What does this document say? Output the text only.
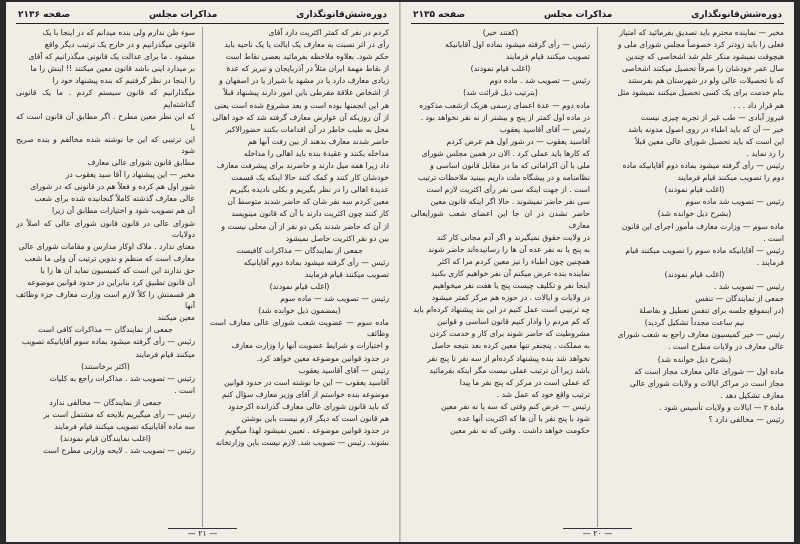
دوره‌شش‌قانونگذاری
مذاکرات مجلس
صفحه ۲۱۳۶

کردم در نفر که کمتر اکثریت دارد آقای

رأی در اثر نسبت به معارف یک ایالت یا یک ناحیه باید

حکم شود. بعلاوه ملاحظه بفرمائید بعضی نقاط است

از نقاط مهمهٔ ایران مثلاً در آذربایجان و تبریز که عدهٔ

زیادی معارف دارد یا در مشهد یا شیراز یا در اصفهان و

از اشخاص علاقهٔ مفرطی باین امور دارند پیشنهاد قبلاً

هر این انجمنها بوده است و بعد مشروع شده است یعنی

از آن روزیکه آن عوارض معارف گرفته شد که خود اهالی

محل به طیب خاطر در آن اقدامات بکنند حضورالاکبر

حاضر شدند معارف بدهند از بین رفت آنها هم

مداخله بکنند و عقیدهٔ بنده باید اهالی را مداخله

داد زیرا همه میل دارند و حاضرند برای پیشرفت معارف

خودشان کار کنند و کمک کنند حالا اینکه یک قسمت

عدیدهٔ اهالی را در نظر بگیریم و بکلی نادیده بگیریم

معین کردم سه نفر شان که حاضر شدند متوسط آن

کار کنند چون اکثریت دارند با آن که قانون مینویسد

از آن که حاضر شدند یکی دو نفر از آن محلی نیست و

بین دو نفر اکثریت حاصل نمیشود

جمعی از نمایندگان — مذاکرات کافیست

رئیس — رأی گرفته میشود بمادهٔ دوم آقایانیکه

تصویب میکنند قیام فرمایند

(اغلب قیام نمودند)

رئیس — تصویب شد — ماده سوم

(بمضمون ذیل خوانده شد)

ماده سوم — عضویت شعب شورای عالی معارف است وظائف

و اختیارات و شرایط عضویت آنها را وزارت معارف

در حدود قوانین موضوعه معین خواهد کرد.

رئیس — آقای آقاسید یعقوب

آقاسید یعقوب — این جا نوشته است در حدود قوانین

موضوعه بنده خواستم از آقای وزیر معارف سؤال کنم

که باید قانون شورای عالی معارف گذرانده اکرحدود

هم قانون است که دیگر لازم نیست باین نوشتن

در حدود قوانین موضوعه . تعیین نمیشود لهذا میگویم

نشوند. رئیس — تصویب شد. لازم نیست باین وزارتخانه

سوء ظن ندارم ولی بنده میدانم که در اینجا با یک

قانونی میگذرانیم و در خارج یک ترتیب دیگر واقع

میشود . ما برای عدالت یک قانونی میگذرانیم که آقای

بر میدارد اینی باشد قانون معین میکنند !! اینش را ما

را اینجا در نظر گرفتیم که بنده پیشنهاد خود را

میگذارانیم که قانون سیستم کردم . ما یک قانونی گذاشته‌ایم

که این نظر معین مطرح . اگر مطابق آن قانون است که با

این ترتیبی که این جا نوشته شده مخالفم و بنده صریح شود

مطابق قانون شورای عالی معارف

مخبر — این پیشنهاد را آقا سید یعقوب در

شور اول هم کرده و فعلاً هم در قانونی که در شورای

عالی معارف گذشته کاملاً گنجانیده شده برای شعب

آن هم تصویب شود و اختیارات مطابق آن زیرا

شورای عالی در قانون قانون شورای عالی که اصلاً در دولایات

معنای ندارد . ملاک اوکار مدارس و مقامات شورای عالی

معارف است که منظم و ندوین ترتیب آن ولی ما شعب

حق ندارند این است که کمیسیون نماید آن ها را با

آن قانون تطبیق کرد بنابراین در حدود قوانین موضوعه

هر قسمتش را کلاً لازم است وزارت معارف جزء وظائف آنها

معین میکنند

جمعی از نمایندگان — مذاکرات کافی است

رئیس — رأی گرفته میشود بماده سوم آقایانیکه تصویب

میکنند قیام فرمایند

(اکثر برخاستند)

رئیس — تصویب شد . مذاکرات راجع به کلیات

است .

جمعی از نمایندگان — مخالفی ندارد

رئیس — رأی میگیریم بلایحه که مشتمل است بر

سه ماده آقایانیکه تصویب میکنند قیام فرمایند

(اغلب نمایندگان قیام نمودند)

رئیس — تصویب شد . لایحه وزارتی مطرح است

— ۲۱ —
دوره‌شش‌قانونگذاری
مذاکرات مجلس
صفحه ۲۱۳۵

مخبر — نماینده محترم باید تصدیق بفرمائید که امتیاز

فعلی را باید زودتر کرد خصوصاً مجلس شورای ملی و

هیچوقت نمیشود منکر علم شد اشخاصی که چندین

سال عمر خودشان را صرفاً تحصیل میکنند اشخاصی

که با تحصیلات عالی ولو در شهرستان هم بفرستند

بنام خدمت برای یک کسی تحصیل میکنند نمیشود مثل

هم قرار داد . . .

فیروز آبادی — طب غیر از تجربه چیزی نیست

خیر — آن که باید اطباء در روی اصول مدونه باشد

این است که باید تحصیل شورای عالی معین قبلاً

را رد نماید .

رئیس — رأی گرفته میشود بماده دوم آقایانیکه ماده

دوم را تصویب میکنند قیام فرمایند

(اغلب قیام نمودند)

رئیس — تصویب شد ماده سوم

(بشرح ذیل خوانده شد)

ماده سوم — وزارت معارف مأمور اجرای این قانون

است .

رئیس — آقایانیکه ماده سوم را تصویب میکنند قیام

فرمایند .

(اغلب قیام نمودند)

رئیس — تصویب شد .

جمعی از نمایندگان — تنفس

(در اینموقع جلسه برای تنفس تعطیل و بفاصلهٔ

نیم ساعت مجدداً تشکیل گردید)

رئیس — خبر کمیسیون معارف راجع به شعب شورای

عالی معارف در ولایات مطرح است .

(بشرح ذیل خوانده شد)

ماده اول — شورای عالی معارف مجاز است که

مجاز است در مراکز ایالات و ولایات شورای عالی

معارف تشکیل دهد .

مادهٔ ۲ — ایالات و ولایات تأسیس شود .

رئیس — مخالفی دارد ؟

(کفتند خیر)

رئیس — رأی گرفته میشود بماده اول آقایانیکه

تصویب میکنند قیام فرمایند

(اغلب قیام نمودند)

رئیس — تصویب شد . ماده دوم

(بترتیب ذیل قرائت شد)

ماده دوم — عدهٔ اعضای رسمی هریک ازشعب مذکوره

در ماده اول کمتر از پنج و بیشتر از نه نفر نخواهد بود .

رئیس — آقای آقاسید یعقوب

آقاسید یعقوب — در شور اول هم عرض کردم

که کارها باید عملی کرد . الان در همین مجلس شورای

ملی با آن اکراماتی که ما در مقابل قانون اساسی و

نظامنامه و در پیشگاه ملت داریم ببینید ملاحظات ترتیب

است . از جهت اینکه سی نفر رأی اکثریت لازم است

سی نفر حاضر نمیشوند . حالا اگر اینکه قانون معین

حاضر نشدن در ان جا این اعضای شعب شورایعالی معارف

در ولایت حقوق نمیگیرند و اگر آدم مجانی کار کند

به پنج یا نه نفر عده آن ها را رسانیده‌اند حاضر شوند

همچنین چون اطباء را نیز معین کردم مرا که اکثر

نماینده بنده عرض میکنم آن نفر خواهیم کاری بکنید

اینجا نفر و تکلیف چیست پنج یا هفت نفر میخواهیم

در ولایات و ایالات . در حوزه هم مرکز کمتر میشود

چه ترتیبی است عمل کنیم در این بند پیشنهاد کرده‌ام باید

که کم مردم را وادار کنیم قانون اساسی و قوانین

مشروطیت که حاضر شوند برای کار و خدمت کردن

به مملکت . پنجنفر تنها معین کرده بعد نتیجه حاصل

نخواهد شد بنده پیشنهاد کرده‌ام از سه نفر تا پنج نفر

باشد زیرا آن ترتیب عملی نیست مگر اینکه بفرمائید

که عملی است در مرکز که پنج نفر ما پیدا

ترتیب واقع خود که عمل شد .

رئیس — عرض کنم وقتی که سه یا نه نفر معین

شود با پنج نفر با آن ها که اکثریت آنها عده

حکومت خواهد داشت . وقتی که نه نفر معین

— ۲۰ —
